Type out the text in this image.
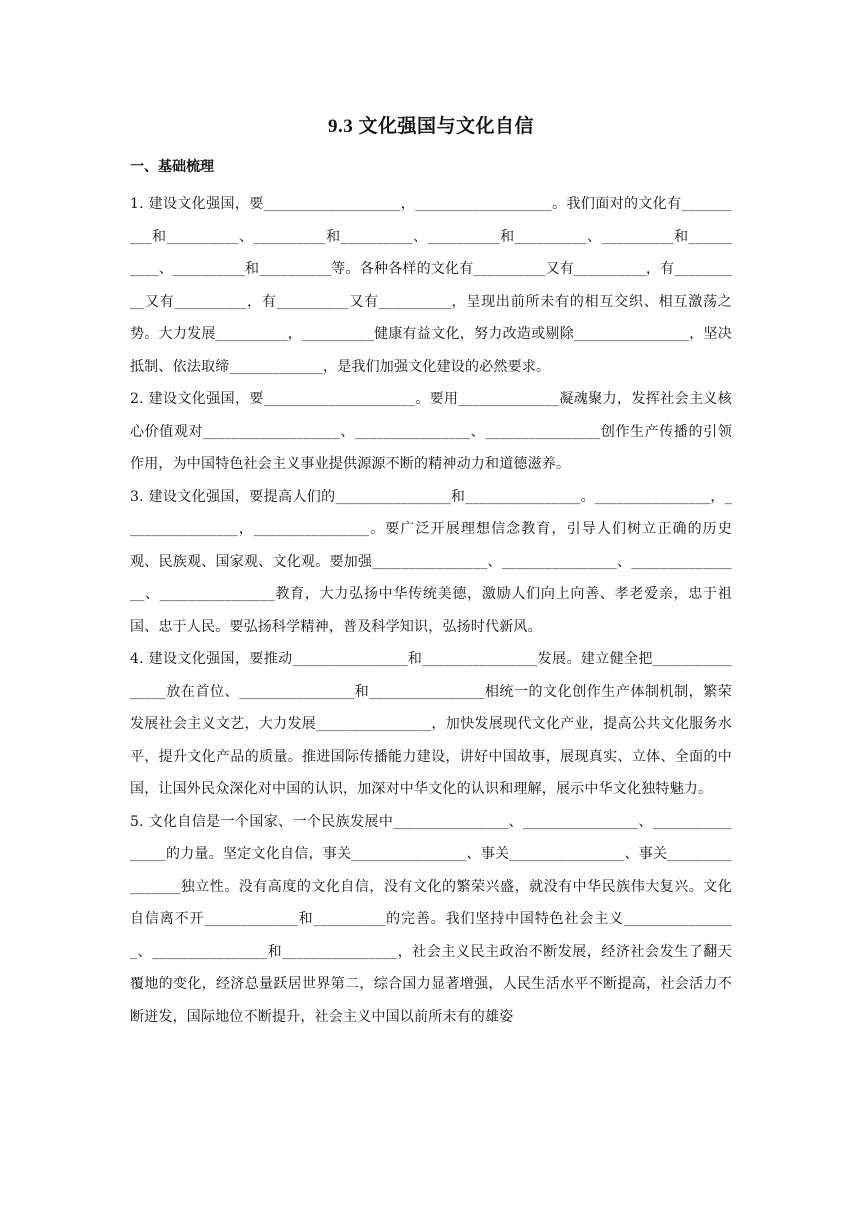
9.3 文化强国与文化自信
一、基础梳理

1. 建设文化强国，要___________________，___________________。我们面对的文化有__________和__________、__________和__________、__________和__________、__________和__________、__________和__________等。各种各样的文化有__________又有__________，有__________又有__________，有__________又有__________，呈现出前所未有的相互交织、相互激荡之势。大力发展__________，__________健康有益文化，努力改造或剔除________________，坚决抵制、依法取缔_____________，是我们加强文化建设的必然要求。

2. 建设文化强国，要_____________________。要用______________凝魂聚力，发挥社会主义核心价值观对___________________、________________、________________创作生产传播的引领作用，为中国特色社会主义事业提供源源不断的精神动力和道德滋养。

3. 建设文化强国，要提高人们的________________和________________。________________，________________，________________。要广泛开展理想信念教育，引导人们树立正确的历史观、民族观、国家观、文化观。要加强________________、________________、________________、________________教育，大力弘扬中华传统美德，激励人们向上向善、孝老爱亲，忠于祖国、忠于人民。要弘扬科学精神，普及科学知识，弘扬时代新风。

4. 建设文化强国，要推动________________和________________发展。建立健全把________________放在首位、________________和________________相统一的文化创作生产体制机制，繁荣发展社会主义文艺，大力发展________________，加快发展现代文化产业，提高公共文化服务水平，提升文化产品的质量。推进国际传播能力建设，讲好中国故事，展现真实、立体、全面的中国，让国外民众深化对中国的认识，加深对中华文化的认识和理解，展示中华文化独特魅力。

5. 文化自信是一个国家、一个民族发展中________________、________________、________________的力量。坚定文化自信，事关________________、事关________________、事关________________独立性。没有高度的文化自信，没有文化的繁荣兴盛，就没有中华民族伟大复兴。文化自信离不开_____________和__________的完善。我们坚持中国特色社会主义________________、________________和________________，社会主义民主政治不断发展，经济社会发生了翻天覆地的变化，经济总量跃居世界第二，综合国力显著增强，人民生活水平不断提高，社会活力不断迸发，国际地位不断提升，社会主义中国以前所未有的雄姿
